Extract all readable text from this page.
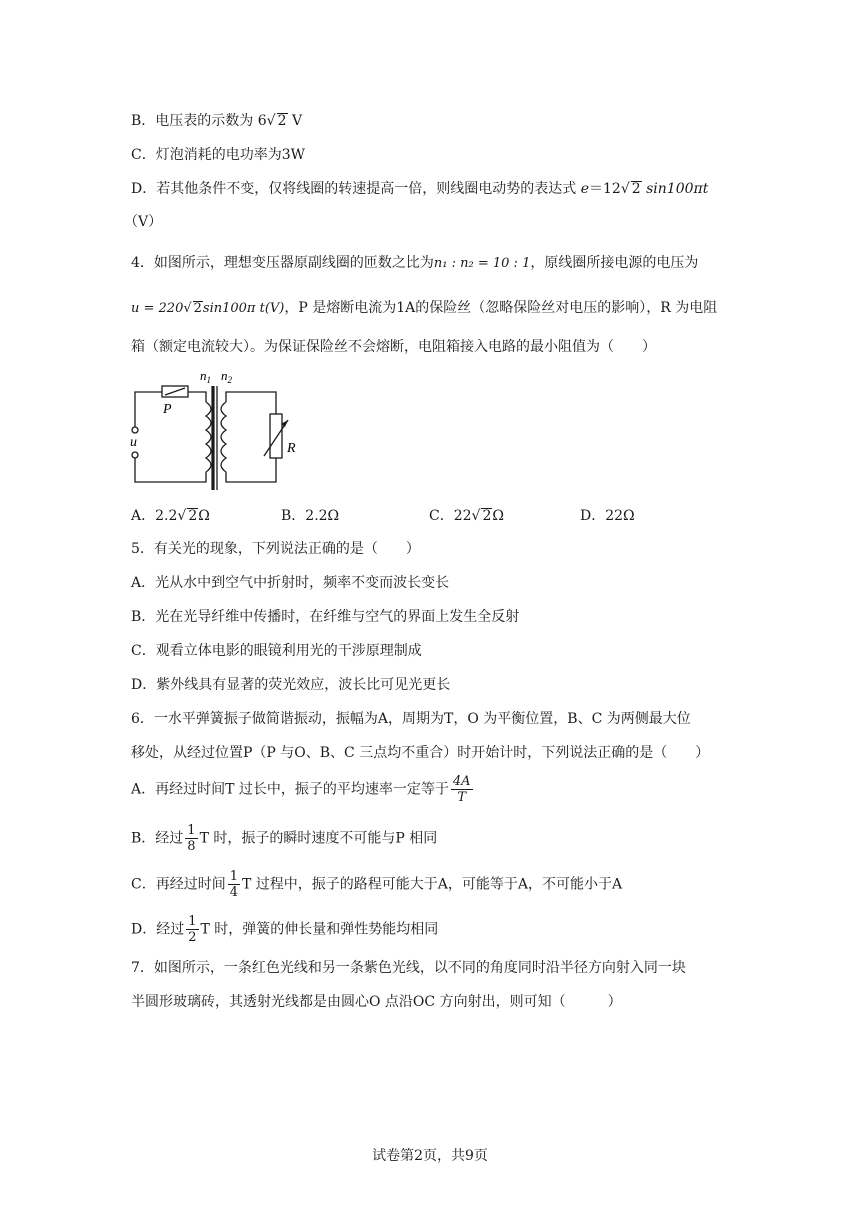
B．电压表的示数为 6√ 2 V
C．灯泡消耗的电功率为3W
D．若其他条件不变，仅将线圈的转速提高一倍，则线圈电动势的表达式 e＝12√ 2 sin100πt
（V）
4．如图所示，理想变压器原副线圈的匝数之比为n₁ : n₂ = 10 : 1，原线圈所接电源的电压为
u = 220√ 2sin100π t(V)，P 是熔断电流为1A的保险丝（忽略保险丝对电压的影响），R 为电阻
箱（额定电流较大）。为保证保险丝不会熔断，电阻箱接入电路的最小阻值为（　　）
$n_1$ $n_2$
P
u	R
A．2.2√ 2Ω	B．2.2Ω	C．22√ 2Ω	D．22Ω
5．有关光的现象，下列说法正确的是（　　）
A．光从水中到空气中折射时，频率不变而波长变长
B．光在光导纤维中传播时，在纤维与空气的界面上发生全反射
C．观看立体电影的眼镜利用光的干涉原理制成
D．紫外线具有显著的荧光效应，波长比可见光更长
6．一水平弹簧振子做简谐振动，振幅为A，周期为T，O 为平衡位置，B、C 为两侧最大位
移处，从经过位置P（P 与O、B、C 三点均不重合）时开始计时，下列说法正确的是（　　）
A．再经过时间T 过长中，振子的平均速率一定等于 $\frac{4A}{T}$
B．经过 $\frac{1}{8}$ T 时，振子的瞬时速度不可能与P 相同
C．再经过时间 $\frac{1}{4}$ T 过程中，振子的路程可能大于A，可能等于A，不可能小于A
D．经过 $\frac{1}{2}$ T 时，弹簧的伸长量和弹性势能均相同
7．如图所示，一条红色光线和另一条紫色光线，以不同的角度同时沿半径方向射入同一块
半圆形玻璃砖，其透射光线都是由圆心O 点沿OC 方向射出，则可知（　　　）
试卷第2页，共9页
